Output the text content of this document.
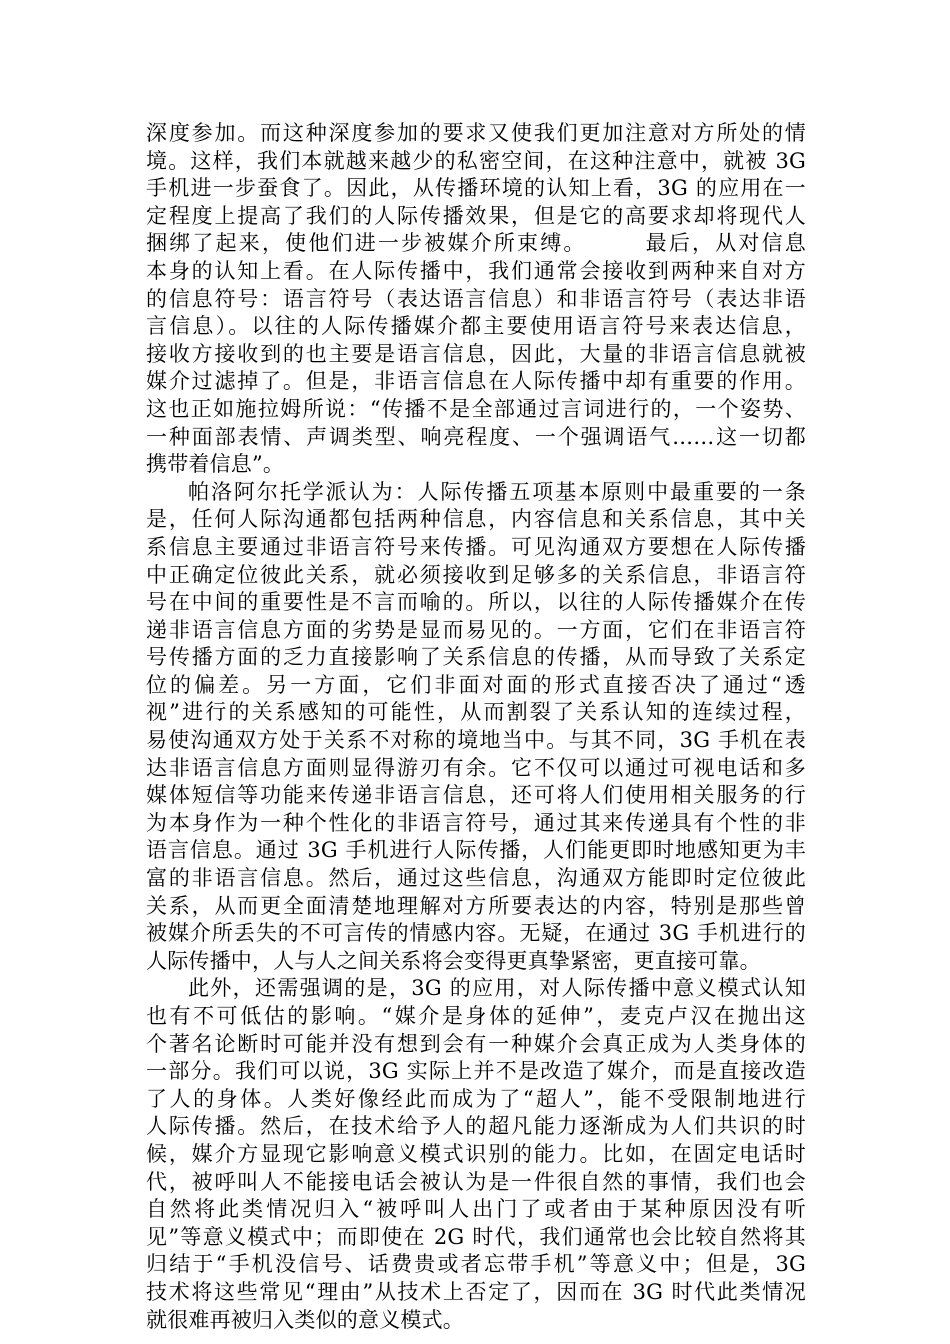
深度参加。而这种深度参加的要求又使我们更加注意对方所处的情
境。这样，我们本就越来越少的私密空间，在这种注意中，就被 3G
手机进一步蚕食了。因此，从传播环境的认知上看，3G 的应用在一
定程度上提高了我们的人际传播效果，但是它的高要求却将现代人
捆绑了起来，使他们进一步被媒介所束缚。　　　最后，从对信息
本身的认知上看。在人际传播中，我们通常会接收到两种来自对方
的信息符号：语言符号（表达语言信息）和非语言符号（表达非语
言信息）。以往的人际传播媒介都主要使用语言符号来表达信息，
接收方接收到的也主要是语言信息，因此，大量的非语言信息就被
媒介过滤掉了。但是，非语言信息在人际传播中却有重要的作用。
这也正如施拉姆所说：“传播不是全部通过言词进行的，一个姿势、
一种面部表情、声调类型、响亮程度、一个强调语气……这一切都
携带着信息”。
帕洛阿尔托学派认为：人际传播五项基本原则中最重要的一条
是，任何人际沟通都包括两种信息，内容信息和关系信息，其中关
系信息主要通过非语言符号来传播。可见沟通双方要想在人际传播
中正确定位彼此关系，就必须接收到足够多的关系信息，非语言符
号在中间的重要性是不言而喻的。所以，以往的人际传播媒介在传
递非语言信息方面的劣势是显而易见的。一方面，它们在非语言符
号传播方面的乏力直接影响了关系信息的传播，从而导致了关系定
位的偏差。另一方面，它们非面对面的形式直接否决了通过“透
视”进行的关系感知的可能性，从而割裂了关系认知的连续过程，
易使沟通双方处于关系不对称的境地当中。与其不同，3G 手机在表
达非语言信息方面则显得游刃有余。它不仅可以通过可视电话和多
媒体短信等功能来传递非语言信息，还可将人们使用相关服务的行
为本身作为一种个性化的非语言符号，通过其来传递具有个性的非
语言信息。通过 3G 手机进行人际传播，人们能更即时地感知更为丰
富的非语言信息。然后，通过这些信息，沟通双方能即时定位彼此
关系，从而更全面清楚地理解对方所要表达的内容，特别是那些曾
被媒介所丢失的不可言传的情感内容。无疑，在通过 3G 手机进行的
人际传播中，人与人之间关系将会变得更真挚紧密，更直接可靠。
此外，还需强调的是，3G 的应用，对人际传播中意义模式认知
也有不可低估的影响。“媒介是身体的延伸”，麦克卢汉在抛出这
个著名论断时可能并没有想到会有一种媒介会真正成为人类身体的
一部分。我们可以说，3G 实际上并不是改造了媒介，而是直接改造
了人的身体。人类好像经此而成为了“超人”，能不受限制地进行
人际传播。然后，在技术给予人的超凡能力逐渐成为人们共识的时
候，媒介方显现它影响意义模式识别的能力。比如，在固定电话时
代，被呼叫人不能接电话会被认为是一件很自然的事情，我们也会
自然将此类情况归入“被呼叫人出门了或者由于某种原因没有听
见”等意义模式中；而即使在 2G 时代，我们通常也会比较自然将其
归结于“手机没信号、话费贵或者忘带手机”等意义中；但是，3G
技术将这些常见“理由”从技术上否定了，因而在 3G 时代此类情况
就很难再被归入类似的意义模式。
